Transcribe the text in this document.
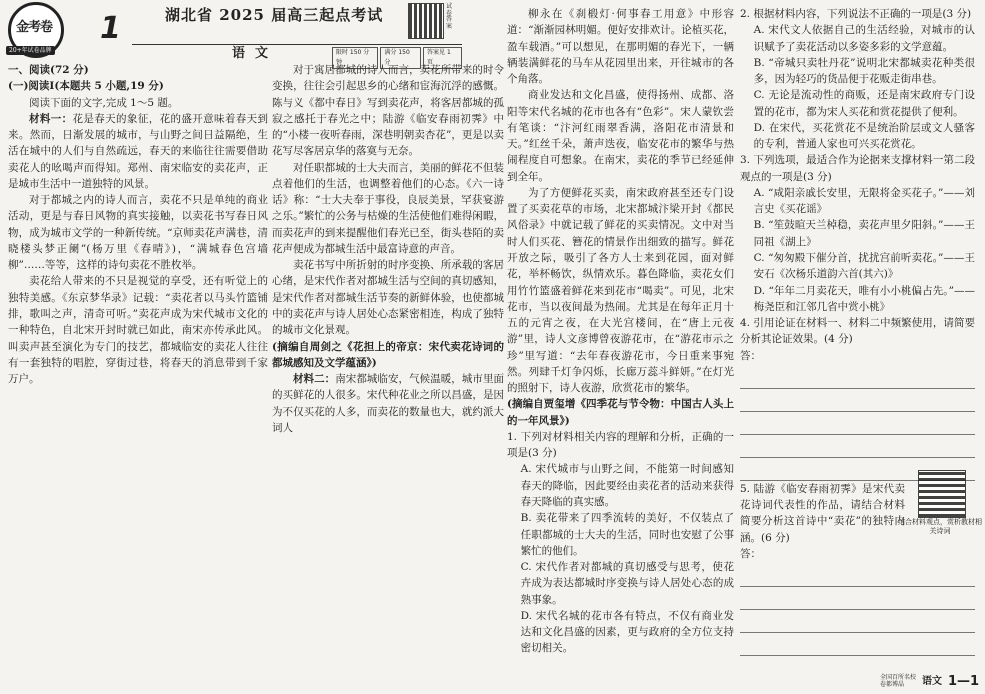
金考卷
20+年试卷品牌
1	湖北省 2025 届高三起点考试	试卷答案
语文	限时 150 分钟
满分 150 分
答案见 1 页

一、阅读(72 分)

(一)阅读Ⅰ(本题共 5 小题,19 分)

阅读下面的文字,完成 1～5 题。

材料一：花是春天的象征，花的盛开意味着春天到来。然而，日渐发展的城市，与山野之间日益隔绝，生活在城中的人们与自然疏远，春天的来临往往需要借助卖花人的吆喝声而得知。郑州、南宋临安的卖花声，正是城市生活中一道独特的风景。

对于都城之内的诗人而言，卖花不只是单纯的商业活动，更是与春日风物的真实接触，以卖花书写春日风物，成为城市文学的一种新传统。“京师卖花声满巷，清晓楼头梦正阑”(杨万里《春晴》)，“满城春色宫墙柳”……等等，这样的诗句卖花不胜枚举。

卖花给人带来的不只是视觉的享受，还有听觉上的独特美感。《东京梦华录》记载：“卖花者以马头竹篮铺排，歌叫之声，清奇可听。”卖花声成为宋代城市文化的一种特色，自北宋开封时就已如此，南宋亦传承此风。叫卖声甚至演化为专门的技艺，都城临安的卖花人往往有一套独特的唱腔，穿街过巷，将春天的消息带到千家万户。

对于寓居都城的诗人而言，卖花所带来的时令变换，往往会引起思乡的心绪和宦海沉浮的感慨。陈与义《都中春日》写到卖花声，将客居都城的孤寂之感托于春光之中；陆游《临安春雨初霁》中的“小楼一夜听春雨，深巷明朝卖杏花”，更是以卖花写尽客居京华的落寞与无奈。

对任职都城的士大夫而言，美丽的鲜花不但装点着他们的生活，也调整着他们的心态。《六一诗话》称：“士大夫奉于事役，良辰美景，罕获宴游之乐。”繁忙的公务与枯燥的生活使他们难得闲暇，而卖花声的到来提醒他们春光已至，街头巷陌的卖花声便成为都城生活中最富诗意的声音。

卖花书写中所折射的时序变换、所承载的客居心绪，是宋代作者对都城生活与空间的真切感知，是宋代作者对都城生活节奏的新鲜体验，也使都城中的卖花声与诗人居处心态紧密相连，构成了独特的城市文化景观。

(摘编自周剑之《花担上的帝京：宋代卖花诗词的都城感知及文学蕴涵》)

材料二：南宋都城临安，气候温暖，城市里面的买鲜花的人很多。宋代种花业之所以昌盛，是因为不仅买花的人多，而卖花的数量也大，就约派大词人

柳永在《刹椴灯·何事春工用意》中形容道：“渐渐园林明媚。便好安排欢计。论植买花，盈车载酒。”可以想见，在那明媚的春光下，一辆辆装满鲜花的马车从花园里出来，开往城市的各个角落。

商业发达和文化昌盛，使得扬州、成都、洛阳等宋代名城的花市也各有“色彩”。宋人蒙钦尝有笔谈：“汴河红雨翠香满，洛阳花市清景和天。”红丝千朵，萧声迭夜，临安花市的繁华与热闹程度自可想象。在南宋，卖花的季节已经延伸到全年。

为了方便鲜花买卖，南宋政府甚至还专门设置了买卖花草的市场，北宋都城汴梁开封《都民风俗录》中就记载了鲜花的买卖情况。文中对当时人们买花、簪花的情景作出细致的描写。鲜花开放之际，吸引了各方人士来到花园，面对鲜花，举杯畅饮，纵情欢乐。暮色降临，卖花女们用竹竹篮盛着鲜花来到花市“喝卖”。可见，北宋花市，当以夜间最为热闹。尤其是在每年正月十五的元宵之夜，在大光宫楼间，在“唐上元夜游”里，诗人文彦博曾夜游花市，在“游花市示之珍”里写道：“去年春夜游花市，今日重来事宛然。列肆千灯争闪烁，长廊万蕊斗鲜妍。”在灯光的照射下，诗人夜游，欣赏花市的繁华。

(摘编自贾玺增《四季花与节令物：中国古人头上的一年风景》)

1. 下列对材料相关内容的理解和分析，正确的一项是(3 分)

A. 宋代城市与山野之间，不能第一时间感知春天的降临，因此要经由卖花者的活动来获得春天降临的真实感。

B. 卖花带来了四季流转的美好，不仅装点了任职都城的士大夫的生活，同时也安慰了公事繁忙的他们。

C. 宋代作者对都城的真切感受与思考，使花卉成为表达都城时序变换与诗人居处心态的成熟事象。

D. 宋代名城的花市各有特点，不仅有商业发达和文化昌盛的因素，更与政府的全方位支持密切相关。

2. 根据材料内容，下列说法不正确的一项是(3 分)

A. 宋代文人依据自己的生活经验，对城市的认识赋予了卖花活动以多姿多彩的文学意蕴。

B. “帝城只卖牡丹花”说明北宋都城卖花种类很多，因为轻巧的货品便于花贩走街串巷。

C. 无论是流动性的商贩，还是南宋政府专门设置的花市，都为宋人买花和赏花提供了便利。

D. 在宋代，买花赏花不是统治阶层或文人骚客的专利，普通人家也可兴买花赏花。

3. 下列选项，最适合作为论据来支撑材料一第二段观点的一项是(3 分)

A. “咸阳亲戚长安里，无限将金买花子。”——刘言史《买花谣》

B. “笙鼓暄天兰棹稳，卖花声里夕阳斜。”——王同祖《湖上》

C. “匆匆殿下催分首，扰扰宫前听卖花。”——王安石《次杨乐道韵六首(其六)》

D. “年年二月卖花天，唯有小小桃偏占先。”——梅尧臣和江邻几省中赏小桃》

4. 引用论证在材料一、材料二中频繁使用，请简要分析其论证效果。(4 分)

答：

5. 陆游《临安春雨初霁》是宋代卖花诗词代表性的作品，请结合材料简要分析这首诗中“卖花”的独特内涵。(6 分)

答：

结合材料观点，赏析教材相关诗词
全国百所名校 卷都博晶	语文 1—1
